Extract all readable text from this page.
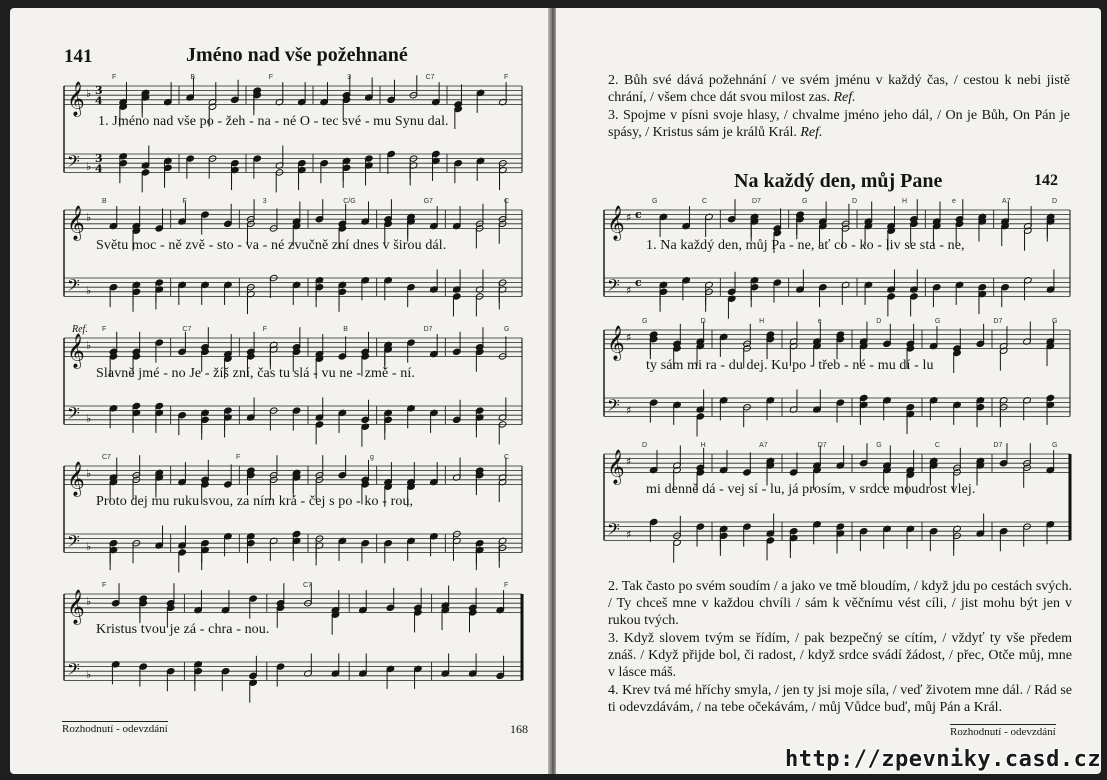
141	Jméno nad vše požehnané
𝄞
𝄢
♭
♭
3
4
3
4
F	B	F	3	C7	F
1. Jméno nad vše po - žeh - na - né O - tec své - mu Synu dal.
𝄞
𝄢
♭
♭
B	F	3	C/G	G7	C
Světu moc - ně zvě - sto - va - né zvučně zní dnes v širou dál.
𝄞
𝄢
♭
♭
F	C7	F	B	D7	G
Slavně jmé - no Je - žíš zní, čas tu slá - vu ne - změ - ní.
Ref.
𝄞
𝄢
♭
♭
C7	F	g	C
Proto dej mu ruku svou, za ním krá - čej s po - ko - rou,
𝄞
𝄢
♭
♭
F	C7	F
Kristus tvou je zá - chra - nou.
Rozhodnutí - odevzdání	168
2. Bůh své dává požehnání / ve svém jménu v každý čas, / cestou k nebi jistě chrání, / všem chce dát svou milost zas. Ref.
3. Spojme v písni svoje hlasy, / chvalme jméno jeho dál, / On je Bůh, On Pán je spásy, / Kristus sám je králů Král. Ref.
Na každý den, můj Pane	142
𝄞
𝄢
♯
♯
c
c
G	C	D7	G	D	H	e	A7	D
1. Na každý den, můj Pa - ne, ať co - ko - liv se sta - ne,
𝄞
𝄢
♯
♯
G	D	H	e	D	G	D7	G
ty sám mi ra - du dej. Ku po - třeb - né - mu dí - lu
𝄞
𝄢
♯
♯
D	H	A7	D7	G	C	D7	G
mi denně dá - vej sí - lu, já prosím, v srdce moudrost vlej.
2. Tak často po svém soudím / a jako ve tmě bloudím, / když jdu po cestách svých. / Ty chceš mne v každou chvíli / sám k věčnímu vést cíli, / jist mohu být jen v rukou tvých.
3. Když slovem tvým se řídím, / pak bezpečný se cítím, / vždyť ty vše předem znáš. / Když přijde bol, či radost, / když srdce svádí žádost, / přec, Otče můj, mne v lásce máš.
4. Krev tvá mé hříchy smyla, / jen ty jsi moje síla, / veď životem mne dál. / Rád se ti odevzdávám, / na tebe očekávám, / můj Vůdce buď, můj Pán a Král.
Rozhodnutí - odevzdání
http://zpevniky.casd.cz
